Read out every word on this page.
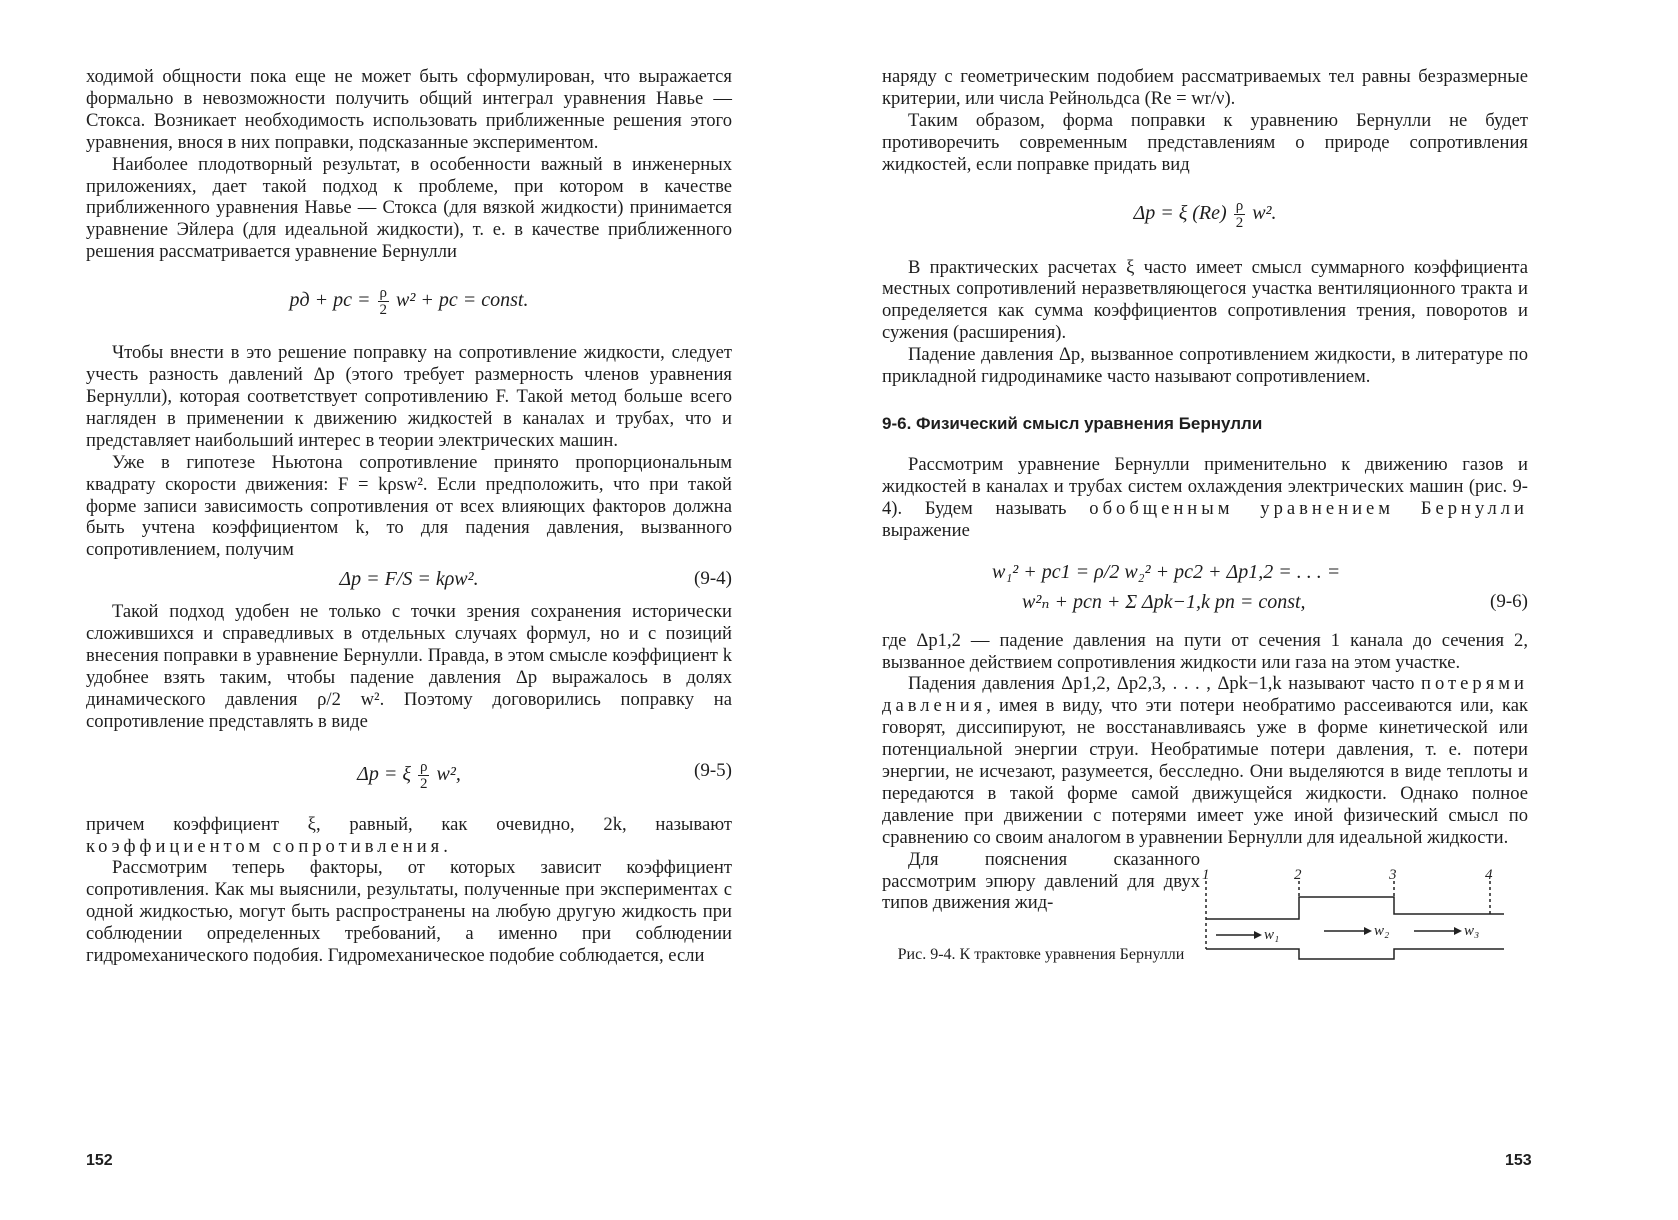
ходимой общности пока еще не может быть сформулирован, что выражается формально в невозможности получить общий интеграл уравнения Навье — Стокса. Возникает необходимость использовать приближенные решения этого уравнения, внося в них поправки, подсказанные экспериментом.

Наиболее плодотворный результат, в особенности важный в инженерных приложениях, дает такой подход к проблеме, при котором в качестве приближенного уравнения Навье — Стокса (для вязкой жидкости) принимается уравнение Эйлера (для идеальной жидкости), т. е. в качестве приближенного решения рассматривается уравнение Бернулли

pд + pс = $\frac{\rho}{2} w^2$ + pс = const.

Чтобы внести в это решение поправку на сопротивление жидкости, следует учесть разность давлений Δp (этого требует размерность членов уравнения Бернулли), которая соответствует сопротивлению F. Такой метод больше всего нагляден в применении к движению жидкостей в каналах и трубах, что и представляет наибольший интерес в теории электрических машин.

Уже в гипотезе Ньютона сопротивление принято пропорциональным квадрату скорости движения: F = kρsw². Если предположить, что при такой форме записи зависимость сопротивления от всех влияющих факторов должна быть учтена коэффициентом k, то для падения давления, вызванного сопротивлением, получим

Δp = F/S = kρw².	(9-4)

Такой подход удобен не только с точки зрения сохранения исторически сложившихся и справедливых в отдельных случаях формул, но и с позиций внесения поправки в уравнение Бернулли. Правда, в этом смысле коэффициент k удобнее взять таким, чтобы падение давления Δp выражалось в долях динамического давления ρ/2 w². Поэтому договорились поправку на сопротивление представлять в виде

Δp = ξ $\frac{\rho}{2} w^2$,	(9-5)

причем коэффициент ξ, равный, как очевидно, 2k, называют коэффициентом сопротивления.

Рассмотрим теперь факторы, от которых зависит коэффициент сопротивления. Как мы выяснили, результаты, полученные при экспериментах с одной жидкостью, могут быть распространены на любую другую жидкость при соблюдении определенных требований, а именно при соблюдении гидромеханического подобия. Гидромеханическое подобие соблюдается, если

152

наряду с геометрическим подобием рассматриваемых тел равны безразмерные критерии, или числа Рейнольдса (Re = wr/ν).

Таким образом, форма поправки к уравнению Бернулли не будет противоречить современным представлениям о природе сопротивления жидкостей, если поправке придать вид

Δp = ξ $(Re) \frac{\rho}{2} w^2$.

В практических расчетах ξ часто имеет смысл суммарного коэффициента местных сопротивлений неразветвляющегося участка вентиляционного тракта и определяется как сумма коэффициентов сопротивления трения, поворотов и сужения (расширения).

Падение давления Δp, вызванное сопротивлением жидкости, в литературе по прикладной гидродинамике часто называют сопротивлением.

9-6. Физический смысл уравнения Бернулли

Рассмотрим уравнение Бернулли применительно к движению газов и жидкостей в каналах и трубах систем охлаждения электрических машин (рис. 9-4). Будем называть обобщенным уравнением Бернулли выражение

w₁² + pс1 = ρ/2 w₂² + pс2 + Δp1,2 = . . . =
w²ₙ + pсn + Σ Δpk−1,k pn = const,	(9-6)

где Δp1,2 — падение давления на пути от сечения 1 канала до сечения 2, вызванное действием сопротивления жидкости или газа на этом участке.

Падения давления Δp1,2, Δp2,3, . . . , Δpk−1,k называют часто потерями давления, имея в виду, что эти потери необратимо рассеиваются или, как говорят, диссипируют, не восстанавливаясь уже в форме кинетической или потенциальной энергии струи. Необратимые потери давления, т. е. потери энергии, не исчезают, разумеется, бесследно. Они выделяются в виде теплоты и передаются в такой форме самой движущейся жидкости. Однако полное давление при движении с потерями имеет уже иной физический смысл по сравнению со своим аналогом в уравнении Бернулли для идеальной жидкости.

Для пояснения сказанного рассмотрим эпюру давлений для двух типов движения жид-

1	2	3	4
w₁	w₂	w₃
Рис. 9-4. К трактовке уравнения Бернулли
153
